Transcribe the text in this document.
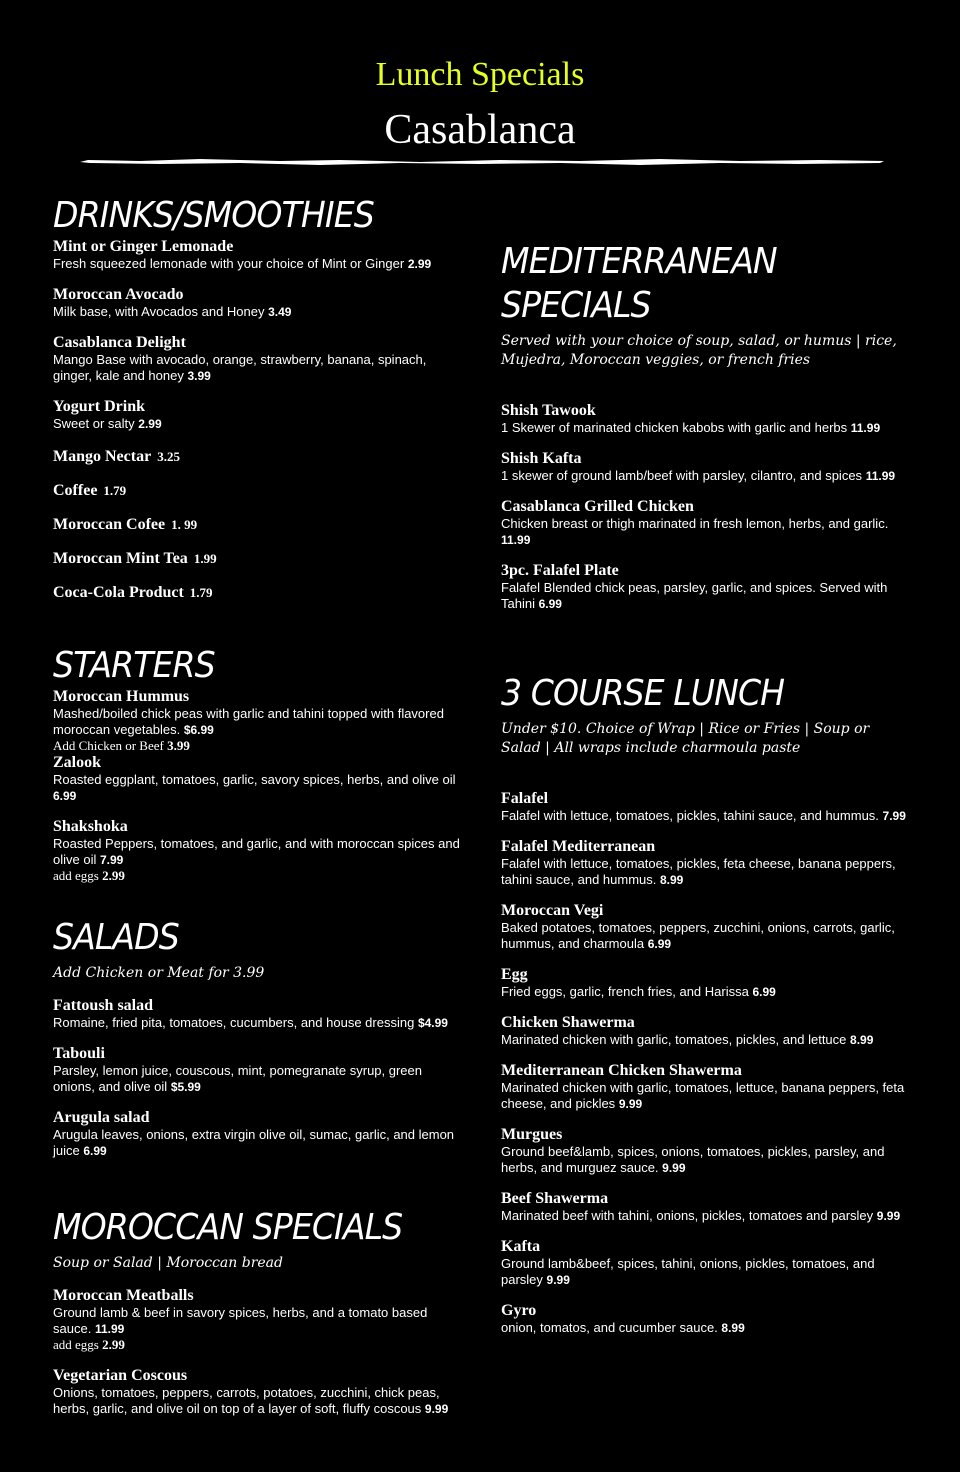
Lunch Specials
Casablanca
DRINKS/SMOOTHIES
Mint or Ginger Lemonade
Fresh squeezed lemonade with your choice of Mint or Ginger 2.99
Moroccan Avocado
Milk base, with Avocados and Honey 3.49
Casablanca Delight
Mango Base with avocado, orange, strawberry, banana, spinach, ginger, kale and honey 3.99
Yogurt Drink
Sweet or salty 2.99
Mango Nectar 3.25
Coffee 1.79
Moroccan Cofee 1. 99
Moroccan Mint Tea 1.99
Coca-Cola Product 1.79
STARTERS
Moroccan Hummus
Mashed/boiled chick peas with garlic and tahini topped with flavored moroccan vegetables. $6.99
Add Chicken or Beef 3.99
Zalook
Roasted eggplant, tomatoes, garlic, savory spices, herbs, and olive oil 6.99
Shakshoka
Roasted Peppers, tomatoes, and garlic, and with moroccan spices and olive oil 7.99
add eggs 2.99
SALADS

Add Chicken or Meat for 3.99

Fattoush salad
Romaine, fried pita, tomatoes, cucumbers, and house dressing $4.99
Tabouli
Parsley, lemon juice, couscous, mint, pomegranate syrup, green onions, and olive oil $5.99
Arugula salad
Arugula leaves, onions, extra virgin olive oil, sumac, garlic, and lemon juice 6.99
MOROCCAN SPECIALS

Soup or Salad | Moroccan bread

Moroccan Meatballs
Ground lamb & beef in savory spices, herbs, and a tomato based sauce. 11.99
add eggs 2.99
Vegetarian Coscous
Onions, tomatoes, peppers, carrots, potatoes, zucchini, chick peas, herbs, garlic, and olive oil on top of a layer of soft, fluffy coscous 9.99
MEDITERRANEAN
SPECIALS

Served with your choice of soup, salad, or humus | rice, Mujedra, Moroccan veggies, or french fries

Shish Tawook
1 Skewer of marinated chicken kabobs with garlic and herbs 11.99
Shish Kafta
1 skewer of ground lamb/beef with parsley, cilantro, and spices 11.99
Casablanca Grilled Chicken
Chicken breast or thigh marinated in fresh lemon, herbs, and garlic. 11.99
3pc. Falafel Plate
Falafel Blended chick peas, parsley, garlic, and spices. Served with Tahini 6.99
3 COURSE LUNCH

Under $10. Choice of Wrap | Rice or Fries | Soup or Salad | All wraps include charmoula paste

Falafel
Falafel with lettuce, tomatoes, pickles, tahini sauce, and hummus. 7.99
Falafel Mediterranean
Falafel with lettuce, tomatoes, pickles, feta cheese, banana peppers, tahini sauce, and hummus. 8.99
Moroccan Vegi
Baked potatoes, tomatoes, peppers, zucchini, onions, carrots, garlic, hummus, and charmoula 6.99
Egg
Fried eggs, garlic, french fries, and Harissa 6.99
Chicken Shawerma
Marinated chicken with garlic, tomatoes, pickles, and lettuce 8.99
Mediterranean Chicken Shawerma
Marinated chicken with garlic, tomatoes, lettuce, banana peppers, feta cheese, and pickles 9.99
Murgues
Ground beef&lamb, spices, onions, tomatoes, pickles, parsley, and herbs, and murguez sauce. 9.99
Beef Shawerma
Marinated beef with tahini, onions, pickles, tomatoes and parsley 9.99
Kafta
Ground lamb&beef, spices, tahini, onions, pickles, tomatoes, and parsley 9.99
Gyro
onion, tomatos, and cucumber sauce. 8.99
